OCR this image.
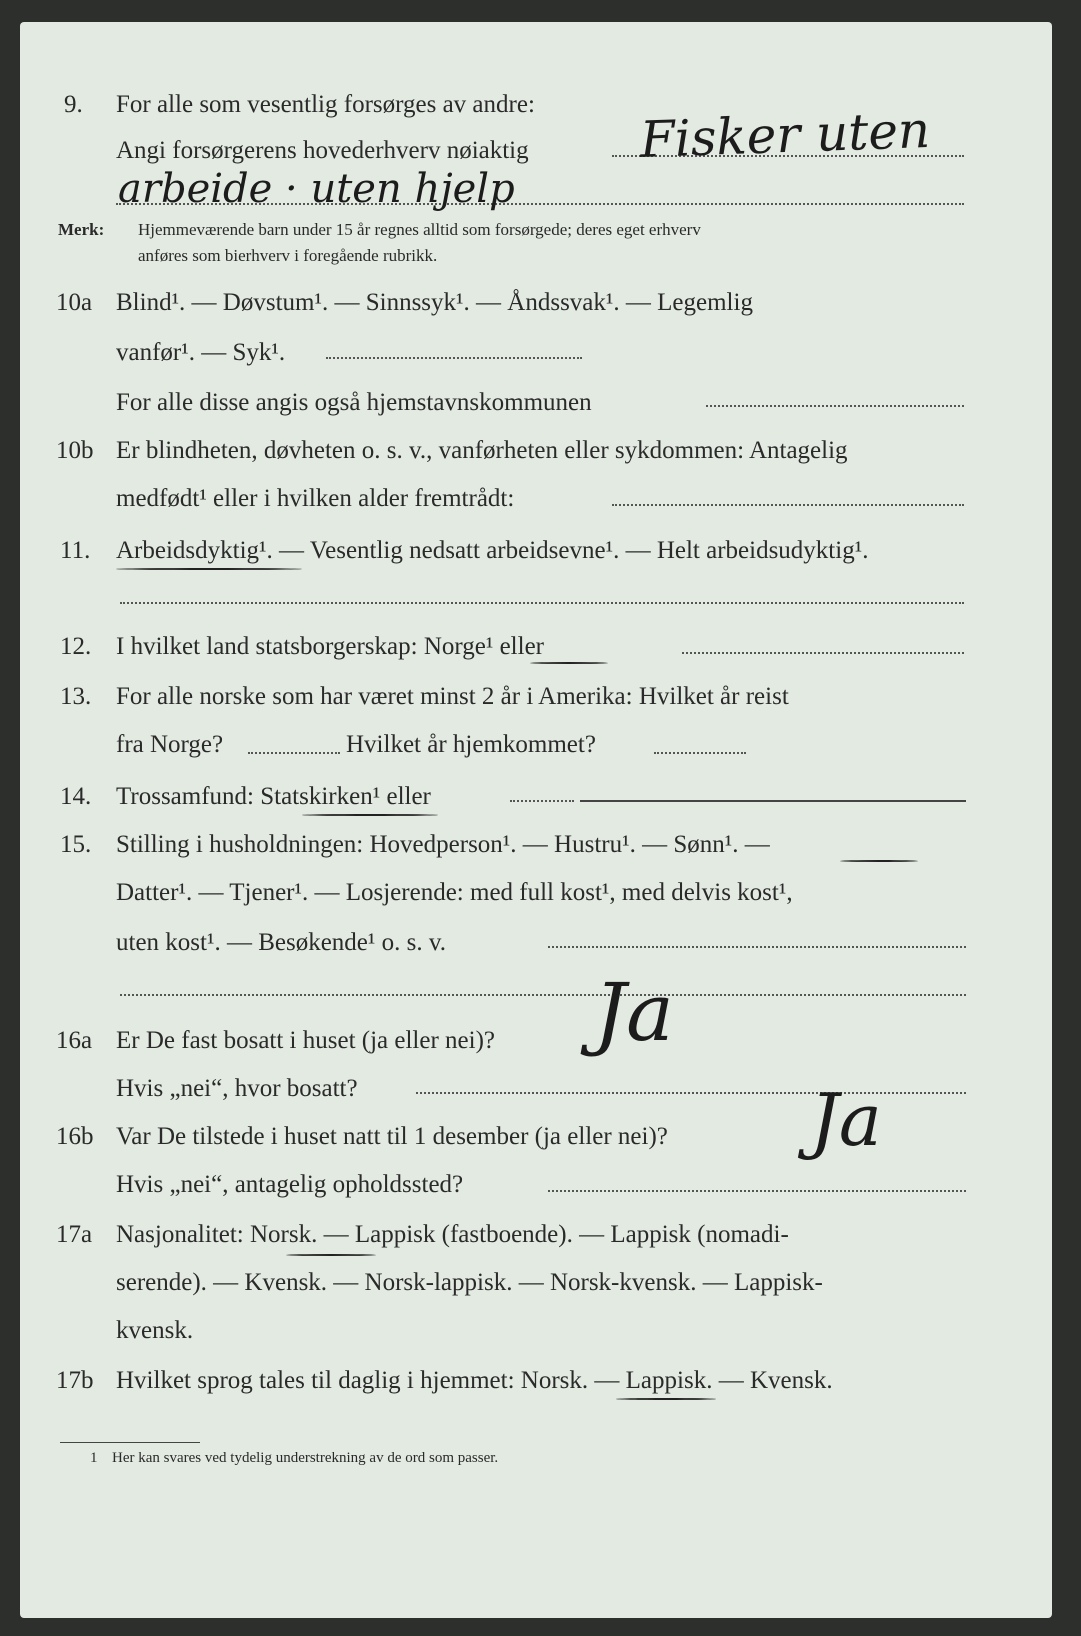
9. For alle som vesentlig forsørges av andre:
Angi forsørgerens hovederhverv nøiaktig Fisker uten
arbeide · uten hjelp
Merk: Hjemmeværende barn under 15 år regnes alltid som forsørgede; deres eget erhverv
anføres som bierhverv i foregående rubrikk.
10a Blind¹. — Døvstum¹. — Sinnssyk¹. — Åndssvak¹. — Legemlig
vanfør¹. — Syk¹.
For alle disse angis også hjemstavnskommunen
10b Er blindheten, døvheten o. s. v., vanførheten eller sykdommen: Antagelig
medfødt¹ eller i hvilken alder fremtrådt:
11. Arbeidsdyktig¹. — Vesentlig nedsatt arbeidsevne¹. — Helt arbeidsudyktig¹.
12. I hvilket land statsborgerskap: Norge¹ eller
13. For alle norske som har været minst 2 år i Amerika: Hvilket år reist
fra Norge?	Hvilket år hjemkommet?
14. Trossamfund: Statskirken¹ eller
15. Stilling i husholdningen: Hovedperson¹. — Hustru¹. — Sønn¹. —
Datter¹. — Tjener¹. — Losjerende: med full kost¹, med delvis kost¹,
uten kost¹. — Besøkende¹ o. s. v.
16a Er De fast bosatt i huset (ja eller nei)? Ja
Hvis „nei“, hvor bosatt?
16b Var De tilstede i huset natt til 1 desember (ja eller nei)? Ja
Hvis „nei“, antagelig opholdssted?
17a Nasjonalitet: Norsk. — Lappisk (fastboende). — Lappisk (nomadi-
serende). — Kvensk. — Norsk-lappisk. — Norsk-kvensk. — Lappisk-
kvensk.
17b Hvilket sprog tales til daglig i hjemmet: Norsk. — Lappisk. — Kvensk.
1 Her kan svares ved tydelig understrekning av de ord som passer.
